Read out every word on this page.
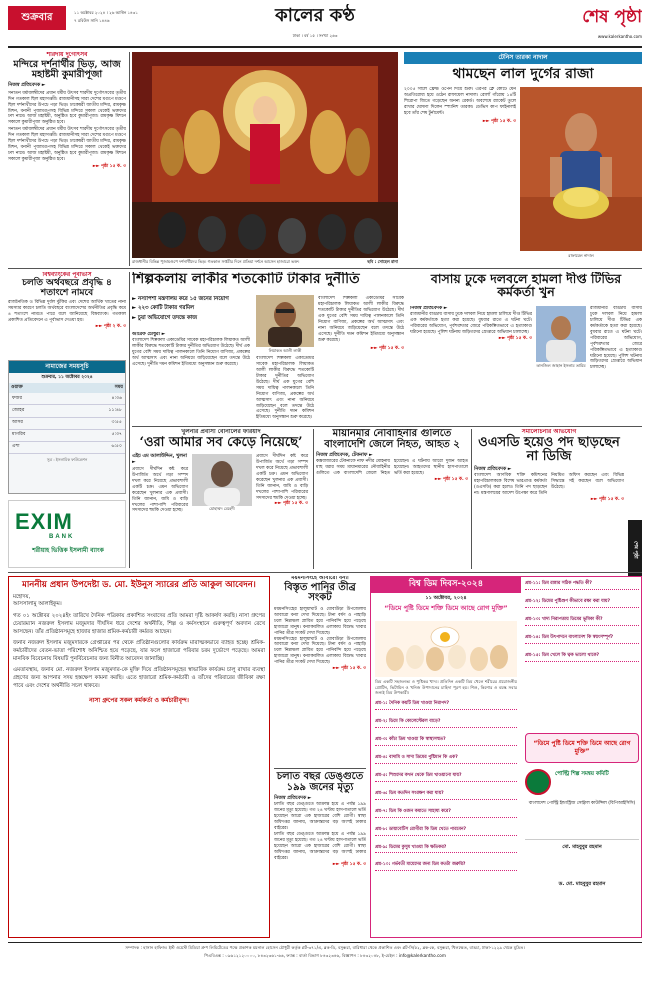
শুক্রবার	১১ অক্টোবর ২০২৪ । ২৬ আশ্বিন ১৪৩১
৭ রবিউস সানি ১৪৪৬	কালের কণ্ঠ
ঢাকা । বর্ষ ১৫ । সংখ্যা ২৬৩
শেষ পৃষ্ঠা
www.kalerkantho.com
শারদীয় দুর্গোৎসব
মন্দিরে দর্শনার্থীর ভিড়, আজ মহাষ্টমী কুমারীপূজা
নিজস্ব প্রতিবেদক ►
সনাতন ধর্মাবলম্বীদের প্রধান ধর্মীয় উৎসব শারদীয় দুর্গোৎসবের তৃতীয় দিন গতকাল ছিল মহাসপ্তমী। রাজধানীসহ সারা দেশের মণ্ডপে মণ্ডপে ছিল দর্শনার্থীদের উপচে পড়া ভিড়। ঢাকেশ্বরী জাতীয় মন্দির, রামকৃষ্ণ মিশন, বনানী পূজামণ্ডপসহ বিভিন্ন মন্দিরে সকাল থেকেই ভক্তদের ঢল নামে। আজ মহাষ্টমী, অনুষ্ঠিত হবে কুমারীপূজা। রামকৃষ্ণ মিশনে সকালে কুমারীপূজা অনুষ্ঠিত হবে।
সনাতন ধর্মাবলম্বীদের প্রধান ধর্মীয় উৎসব শারদীয় দুর্গোৎসবের তৃতীয় দিন গতকাল ছিল মহাসপ্তমী। রাজধানীসহ সারা দেশের মণ্ডপে মণ্ডপে ছিল দর্শনার্থীদের উপচে পড়া ভিড়। ঢাকেশ্বরী জাতীয় মন্দির, রামকৃষ্ণ মিশন, বনানী পূজামণ্ডপসহ বিভিন্ন মন্দিরে সকাল থেকেই ভক্তদের ঢল নামে। আজ মহাষ্টমী, অনুষ্ঠিত হবে কুমারীপূজা। রামকৃষ্ণ মিশনে সকালে কুমারীপূজা অনুষ্ঠিত হবে।
►► পৃষ্ঠা ১৫ ক. ৩
রাজধানীর বিভিন্ন পূজামণ্ডপে দর্শনার্থীদের ভিড়। গতকাল সপ্তমীর দিনে প্রতিমা দর্শনে আসেন হাজারো ভক্ত।	ছবি : সোহেল রানা
টেনিস তারকা নাদাল
থামছেন লাল দুর্গের রাজা
২০০৫ সালে ফ্রেঞ্চ ওপেন দিয়ে শুরু। এরপর ক্লে কোর্টে যেন অপ্রতিরোধ্য হয়ে ওঠেন রাফায়েল নাদাল। রোলাঁ গাঁরোয় ১৪টি শিরোপা জিতে গড়েছেন অনন্য রেকর্ড। অবশেষে র‍্যাকেট তুলে রাখার ঘোষণা দিলেন স্প্যানিশ তারকা। ডেভিস কাপ ফাইনালই হবে তাঁর শেষ টুর্নামেন্ট।
►► পৃষ্ঠা ১৫ ক. ৩
রাফায়েল নাদাল
বিশ্বব্যাংকের পূর্বাভাস
চলতি অর্থবছরে প্রবৃদ্ধি ৪ শতাংশে নামবে
রাজনৈতিক ও বিভিন্ন দুর্বল ঝুঁকির এবং দেশের আর্থিক খাতের নানা সমস্যার কারণে চলতি অর্থবছরে বাংলাদেশের অর্থনীতির প্রবৃদ্ধি কমে ৪ শতাংশে নামতে পারে বলে জানিয়েছে বিশ্বব্যাংক। গতকাল প্রকাশিত প্রতিবেদনে এ পূর্বাভাস দেওয়া হয়।
►► পৃষ্ঠা ২ ক. ৩
নামাজের সময়সূচি
শুক্রবার, ১১ অক্টোবর ২০২৪
ওয়াক্ত	সময়
ফজর	৪:৩৬
জোহর	১১:৪৮
আসর	৩:৫৫
মাগরিব	৫:৩৭
এশা	৬:৫০
সূত্র : ইসলামিক ফাউন্ডেশন
EXIM
BANK
শরীয়াহ ভিত্তিক ইসলামী ব্যাংক
শিল্পকলায় লাকীর শতকোটি টাকার দুর্নীতি
► নস্যাপশা মন্ত্রণালয় করে ১৫ জনের নিয়োগ
► ২২৩ কোটি টাকার গরমিল
► চুয়া অভিযোগে তদন্তে কাজ
লিয়াকত আলী লাকী
আরেফ চৌধুরী ►
বাংলাদেশ শিল্পকলা একাডেমির সাবেক মহাপরিচালক লিয়াকত আলী লাকীর বিরুদ্ধে শতকোটি টাকার দুর্নীতির অভিযোগ উঠেছে। দীর্ঘ এক যুগের বেশি সময় দায়িত্ব পালনকালে তিনি নিয়োগ বাণিজ্য, প্রকল্পের অর্থ আত্মসাৎ এবং নানা অনিয়মে জড়িয়েছেন বলে তদন্তে উঠে এসেছে। দুর্নীতি দমন কমিশন ইতিমধ্যে অনুসন্ধান শুরু করেছে।
বাংলাদেশ শিল্পকলা একাডেমির সাবেক মহাপরিচালক লিয়াকত আলী লাকীর বিরুদ্ধে শতকোটি টাকার দুর্নীতির অভিযোগ উঠেছে। দীর্ঘ এক যুগের বেশি সময় দায়িত্ব পালনকালে তিনি নিয়োগ বাণিজ্য, প্রকল্পের অর্থ আত্মসাৎ এবং নানা অনিয়মে জড়িয়েছেন বলে তদন্তে উঠে এসেছে। দুর্নীতি দমন কমিশন ইতিমধ্যে অনুসন্ধান শুরু করেছে।
►► পৃষ্ঠা ১৫ ক. ৩
বাংলাদেশ শিল্পকলা একাডেমির সাবেক মহাপরিচালক লিয়াকত আলী লাকীর বিরুদ্ধে শতকোটি টাকার দুর্নীতির অভিযোগ উঠেছে। দীর্ঘ এক যুগের বেশি সময় দায়িত্ব পালনকালে তিনি নিয়োগ বাণিজ্য, প্রকল্পের অর্থ আত্মসাৎ এবং নানা অনিয়মে জড়িয়েছেন বলে তদন্তে উঠে এসেছে। দুর্নীতি দমন কমিশন ইতিমধ্যে অনুসন্ধান শুরু করেছে।
বাসায় ঢুকে দলবলে হামলা দীপ্ত টিভির কর্মকর্তা খুন
নিজস্ব প্রতিবেদক ►
রাজধানীর বাড্ডায় বাসায় ঢুকে দলবল নিয়ে হামলা চালিয়ে দীপ্ত টিভির এক কর্মকর্তাকে হত্যা করা হয়েছে। বুধবার রাতে এ ঘটনা ঘটে। পরিবারের অভিযোগ, পূর্বশত্রুতার জেরে পরিকল্পিতভাবে এ হত্যাকাণ্ড ঘটানো হয়েছে। পুলিশ ঘটনায় জড়িতদের গ্রেপ্তারে অভিযান চালাচ্ছে।
►► পৃষ্ঠা ১৫ ক. ৩
তানজিল জাহান ইসলাম তামিম
রাজধানীর বাড্ডায় বাসায় ঢুকে দলবল নিয়ে হামলা চালিয়ে দীপ্ত টিভির এক কর্মকর্তাকে হত্যা করা হয়েছে। বুধবার রাতে এ ঘটনা ঘটে। পরিবারের অভিযোগ, পূর্বশত্রুতার জেরে পরিকল্পিতভাবে এ হত্যাকাণ্ড ঘটানো হয়েছে। পুলিশ ঘটনায় জড়িতদের গ্রেপ্তারে অভিযান চালাচ্ছে।
খুলনার প্রবাসী বোনালের ফরিয়াদ
‘ওরা আমার সব কেড়ে নিয়েছে’
এইচ এম আলাউদ্দিন, খুলনা ►
প্রবাসে দীর্ঘদিন কষ্ট করে উপার্জিত অর্থে গড়া সম্পদ দখল করে নিয়েছে প্রভাবশালী একটি চক্র। এমন অভিযোগ করেছেন খুলনার এক প্রবাসী। তিনি জানান, জমি ও বাড়ি দখলের পাশাপাশি পরিবারের সদস্যদের হুমকি দেওয়া হচ্ছে।	মোহাম্মদ মেহেদী
প্রবাসে দীর্ঘদিন কষ্ট করে উপার্জিত অর্থে গড়া সম্পদ দখল করে নিয়েছে প্রভাবশালী একটি চক্র। এমন অভিযোগ করেছেন খুলনার এক প্রবাসী। তিনি জানান, জমি ও বাড়ি দখলের পাশাপাশি পরিবারের সদস্যদের হুমকি দেওয়া হচ্ছে।
►► পৃষ্ঠা ১৫ ক. ৩
মায়ানমার নৌবাহিনীর গুলিতে বাংলাদেশি জেলে নিহত, আহত ২
নিজস্ব প্রতিবেদক, টেকনাফ ►
কক্সবাজারের টেকনাফে নাফ নদীর মোহনায় মাছ ধরার সময় মায়ানমারের নৌবাহিনীর গুলিতে এক বাংলাদেশি জেলে নিহত হয়েছেন। এ ঘটনায় আরো দুজন আহত হয়েছেন। আহতদের স্থানীয় হাসপাতালে ভর্তি করা হয়েছে।
►► পৃষ্ঠা ১৫ ক. ৩
সমালোচনার অভিযোগ
ওএসডি হয়েও পদ ছাড়ছেন না ডিজি
নিজস্ব প্রতিবেদক ►
বাংলাদেশ আণবিক শক্তি কমিশনের মহাপরিচালককে বিশেষ ভারপ্রাপ্ত কর্মকর্তা (ওএসডি) করা হলেও তিনি পদ ছাড়ছেন না। মন্ত্রণালয়ের আদেশ উপেক্ষা করে তিনি নিয়মিত অফিস করছেন এবং বিভিন্ন সিদ্ধান্তে সই করছেন বলে অভিযোগ উঠেছে।
►► পৃষ্ঠা ১৫ ক. ৩
শেষ পৃষ্ঠা
মাননীয় প্রধান উপদেষ্টা ড. মো. ইউনুস স্যারের প্রতি আকুল আবেদন।
মহোদয়,
আসসালামু আলাইকুম।
গত ০১ অক্টোবর ২০২৪ইং তারিখে দৈনিক পত্রিকায় প্রকাশিত সংবাদের প্রতি আমরা দৃষ্টি আকর্ষণ করছি। নাসা গ্রুপের চেয়ারম্যান নজরুল ইসলাম মজুমদার দীর্ঘদিন ধরে দেশের অর্থনীতি, শিল্প ও কর্মসংস্থানে গুরুত্বপূর্ণ অবদান রেখে আসছেন। তাঁর প্রতিষ্ঠানসমূহে হাজার হাজার শ্রমিক-কর্মচারী কর্মরত আছেন।
জনাব নজরুল ইসলাম মজুমদারকে গ্রেপ্তারের পর থেকে প্রতিষ্ঠানগুলোর কার্যক্রম মারাত্মকভাবে ব্যাহত হচ্ছে। শ্রমিক-কর্মচারীদের বেতন-ভাতা পরিশোধ অনিশ্চিত হয়ে পড়েছে, যার ফলে হাজারো পরিবার চরম দুর্ভোগে পড়েছে। আমরা মানবিক বিবেচনায় বিষয়টি পুনর্বিবেচনার জন্য বিনীত আবেদন জানাচ্ছি।
এমতাবস্থায়, জনাব মো. নজরুল ইসলাম মজুমদার-কে মুক্তি দিয়ে প্রতিষ্ঠানসমূহের স্বাভাবিক কার্যক্রম চালু রাখার ব্যবস্থা গ্রহণের জন্য আপনার সদয় হস্তক্ষেপ কামনা করছি। এতে হাজারো শ্রমিক-কর্মচারী ও তাঁদের পরিবারের জীবিকা রক্ষা পাবে এবং দেশের অর্থনীতি সচল থাকবে।
নাসা গ্রুপের সকল কর্মকর্তা ও কর্মচারীবৃন্দ।
ময়মনসিংহে আবারো বন্যা
বিস্তৃত পানির তীব্র সংকট
ময়মনসিংহের হালুয়াঘাট ও ধোবাউড়া উপজেলায় আবারো বন্যা দেখা দিয়েছে। টানা বর্ষণ ও পাহাড়ি ঢলে নিম্নাঞ্চল প্লাবিত হয়ে পানিবন্দি হয়ে পড়েছে হাজারো মানুষ। বন্যাকবলিত এলাকায় বিশুদ্ধ খাবার পানির তীব্র সংকট দেখা দিয়েছে।
ময়মনসিংহের হালুয়াঘাট ও ধোবাউড়া উপজেলায় আবারো বন্যা দেখা দিয়েছে। টানা বর্ষণ ও পাহাড়ি ঢলে নিম্নাঞ্চল প্লাবিত হয়ে পানিবন্দি হয়ে পড়েছে হাজারো মানুষ। বন্যাকবলিত এলাকায় বিশুদ্ধ খাবার পানির তীব্র সংকট দেখা দিয়েছে।
►► পৃষ্ঠা ১৫ ক. ৩
চলতি বছর ডেঙ্গুতে ১৯৯ জনের মৃত্যু
নিজস্ব প্রতিবেদক ►
চলতি বছর ডেঙ্গুতে আক্রান্ত হয়ে এ পর্যন্ত ১৯৯ জনের মৃত্যু হয়েছে। গত ২৪ ঘণ্টায় হাসপাতালে ভর্তি হয়েছেন আরো এক হাজারের বেশি রোগী। স্বাস্থ্য অধিদপ্তর জানায়, আক্রান্তদের বড় অংশই ঢাকার বাইরের।
চলতি বছর ডেঙ্গুতে আক্রান্ত হয়ে এ পর্যন্ত ১৯৯ জনের মৃত্যু হয়েছে। গত ২৪ ঘণ্টায় হাসপাতালে ভর্তি হয়েছেন আরো এক হাজারের বেশি রোগী। স্বাস্থ্য অধিদপ্তর জানায়, আক্রান্তদের বড় অংশই ঢাকার বাইরের।
►► পৃষ্ঠা ১৫ ক. ৩
বিশ্ব ডিম দিবস-২০২৪
১১ অক্টোবর, ২০২৪
“ডিমে পুষ্টি ডিমে শক্তি ডিমে আছে রোগ মুক্তি”
ডিম একটি সহজলভ্য ও পুষ্টিকর খাদ্য। প্রতিদিন একটি ডিম খেলে শরীরের প্রয়োজনীয় প্রোটিন, ভিটামিন ও খনিজ উপাদানের চাহিদা পূরণ হয়। শিশু, কিশোর ও বয়স্ক সবার জন্যই ডিম উপকারী।
প্রশ্ন-১: দৈনিক কয়টি ডিম খাওয়া নিরাপদ?
প্রশ্ন-২: ডিমে কি কোলেস্টেরল বাড়ে?
প্রশ্ন-৩: কাঁচা ডিম খাওয়া কি স্বাস্থ্যসম্মত?
প্রশ্ন-৪: বাদামি ও সাদা ডিমের পুষ্টিমান কি এক?
প্রশ্ন-৫: শিশুদের কখন থেকে ডিম খাওয়ানো যায়?
প্রশ্ন-৬: ডিম কতদিন সংরক্ষণ করা যায়?
প্রশ্ন-৭: ডিম কি ওজন কমাতে সাহায্য করে?
প্রশ্ন-৮: ডায়াবেটিস রোগীরা কি ডিম খেতে পারবেন?
প্রশ্ন-৯: ডিমের কুসুম খাওয়া কি ক্ষতিকর?
প্রশ্ন-১০: গর্ভবতী মায়েদের জন্য ডিম কতটা জরুরি?
প্রশ্ন-১১: ডিম রান্নার সঠিক পদ্ধতি কী?
প্রশ্ন-১২: ডিমের পুষ্টিগুণ কীভাবে রক্ষা করা যায়?
প্রশ্ন-১৩: খাদ্য নিরাপত্তায় ডিমের ভূমিকা কী?
প্রশ্ন-১৪: ডিম উৎপাদনে বাংলাদেশ কি স্বয়ংসম্পূর্ণ?
প্রশ্ন-১৫: ডিম খেলে কি ত্বক ভালো থাকে?
“ডিমে পুষ্টি ডিমে শক্তি ডিমে আছে রোগ মুক্তি”
পোল্ট্রি শিল্প সমন্বয় কমিটি
বাংলাদেশ পোল্ট্রি ইন্ডাস্ট্রিজ সেন্ট্রাল কাউন্সিল (বিপিআইসিসি)
মো. মাহবুবুর রহমান
ড. মো. মাহবুবুর রহমান
সম্পাদক : হাসান হাফিজ। ইস্ট ওয়েস্ট মিডিয়া গ্রুপ লিমিটেডের পক্ষে প্রকাশক ময়নাল হোসেন চৌধুরী কর্তৃক প্লট-৩৭১/এ, ব্লক-ডি, বসুন্ধরা, বারিধারা থেকে প্রকাশিত এবং প্লট-সি/৫২, ব্লক-কে, বসুন্ধরা, খিলক্ষেত, বাড্ডা, ঢাকা-১২২৯ থেকে মুদ্রিত।
পিএবিএক্স : ০৯৬১২১২০০০০, ৮৪৩২৩৬১-৬৬, ফ্যাক্স : বার্তা বিভাগ ৮৪৩২৩৪৬, বিজ্ঞাপন : ৮৪৩২০৪৮, ই-মেইল : info@kalerkantho.com
